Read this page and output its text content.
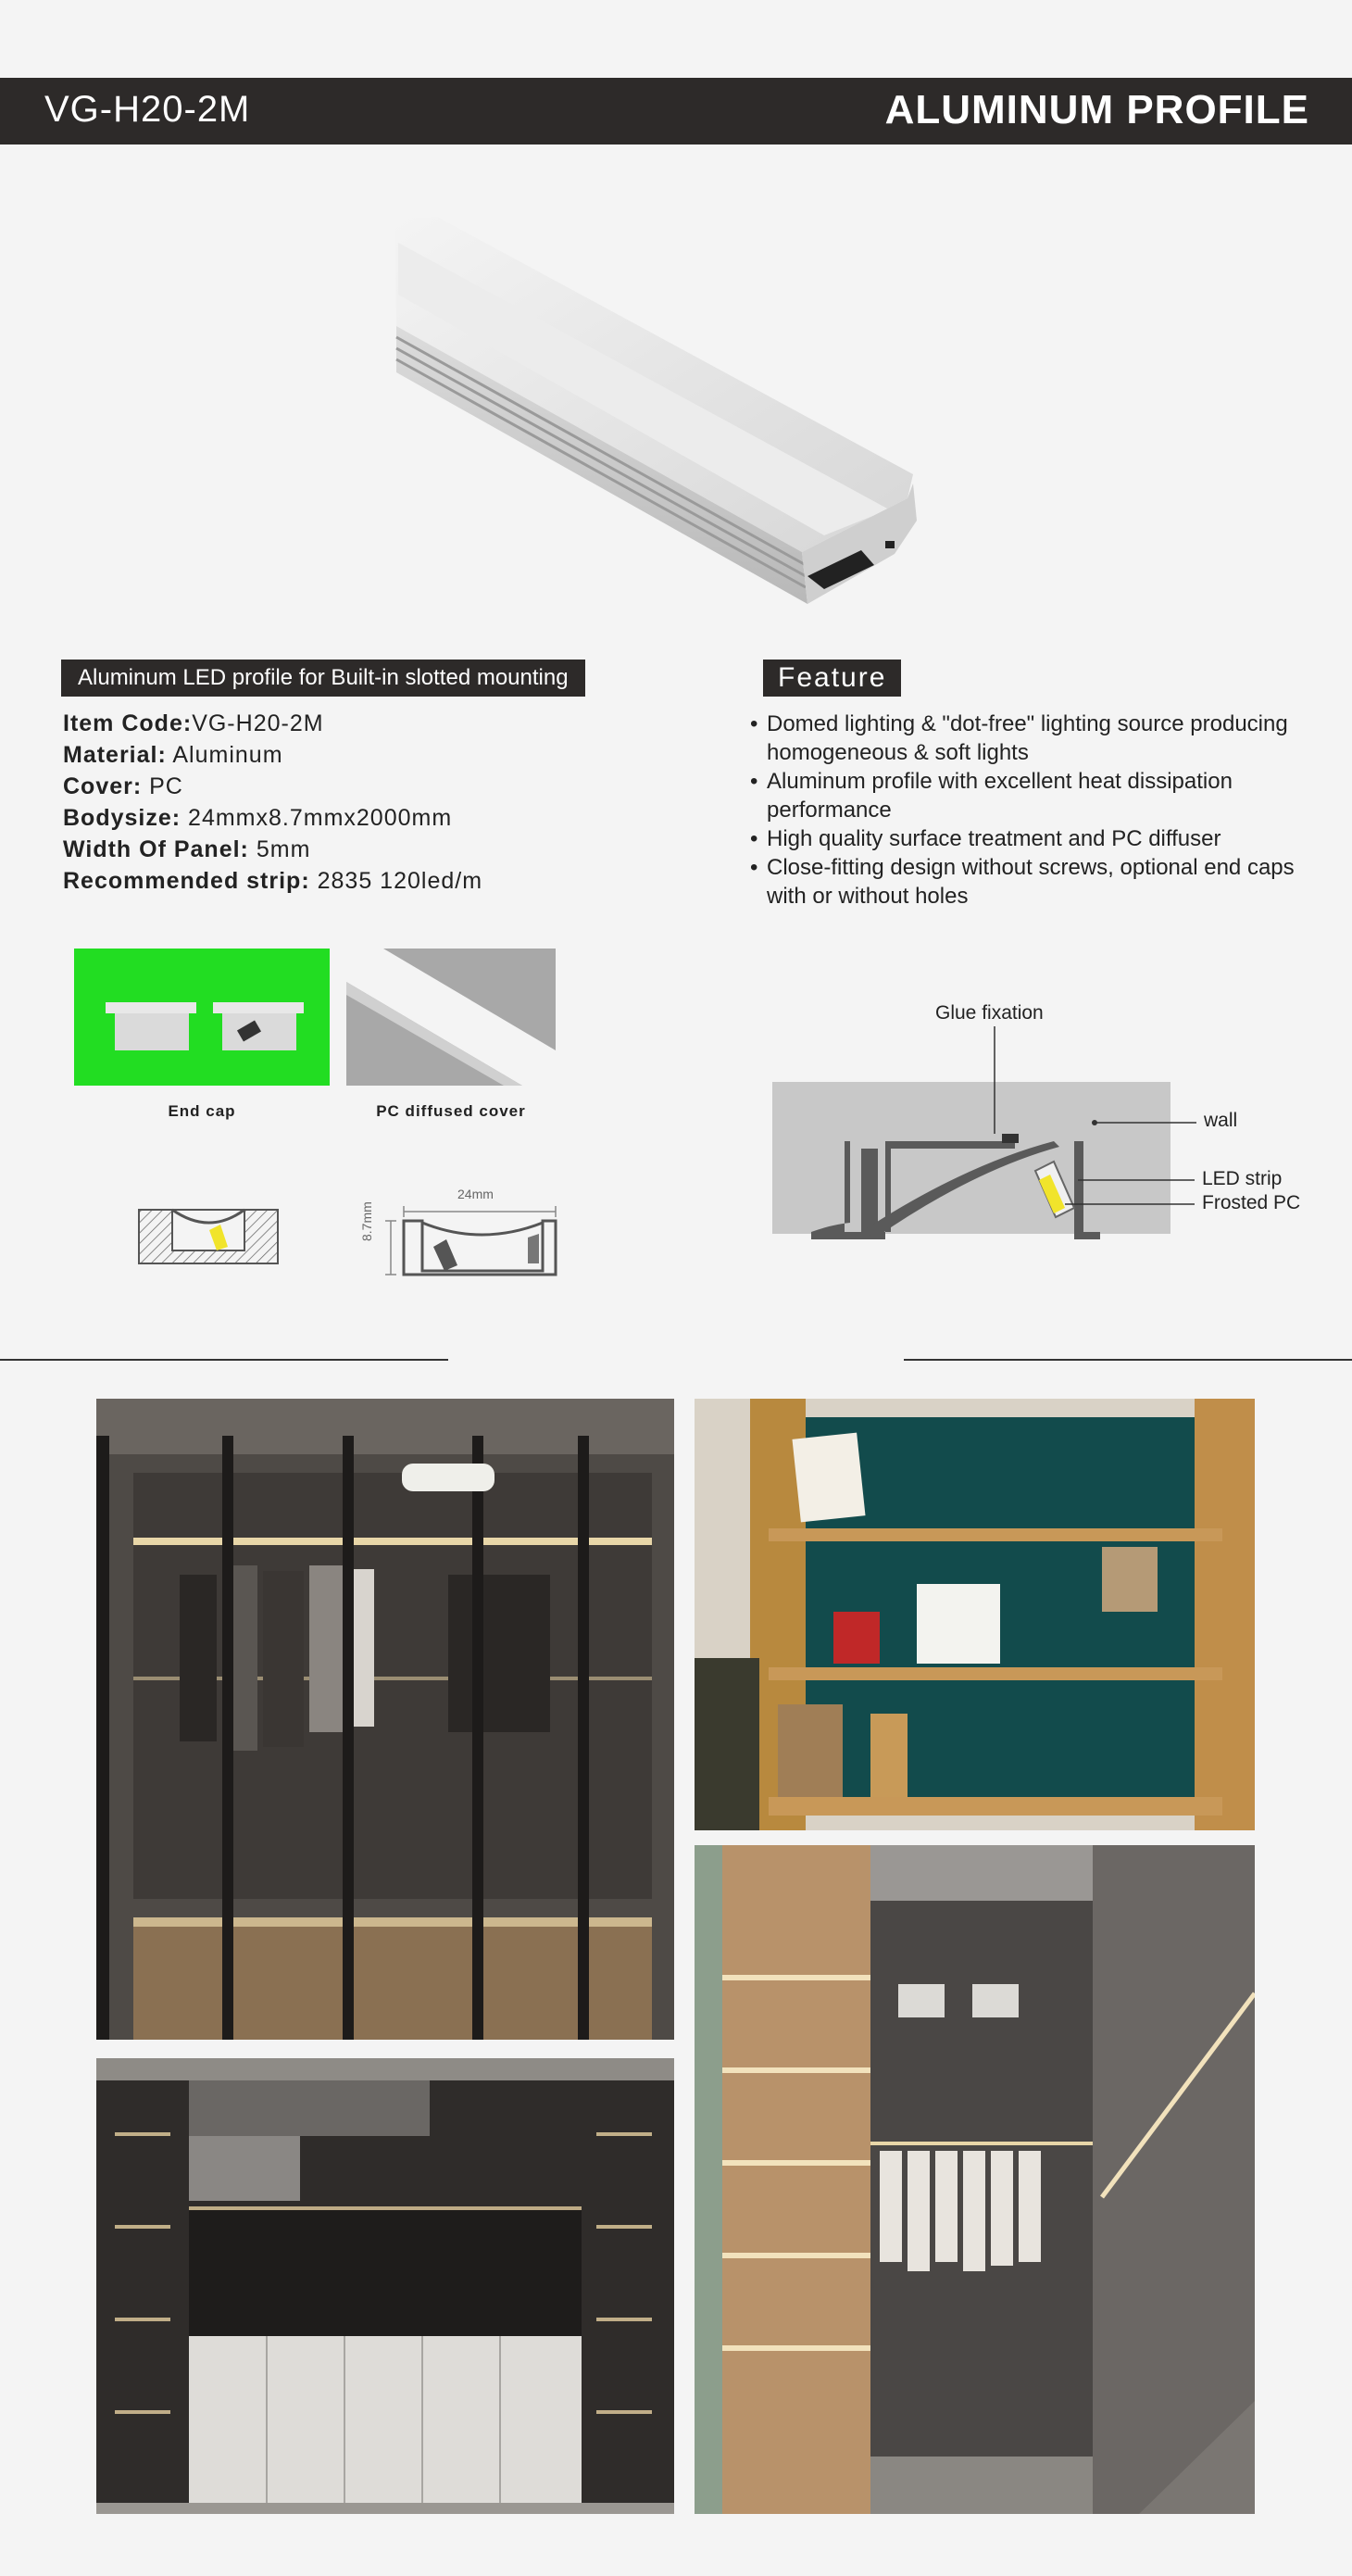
VG-H20-2M	ALUMINUM PROFILE
Aluminum LED profile for Built-in slotted mounting
Item Code:VG-H20-2M
Material: Aluminum
Cover: PC
Bodysize: 24mmx8.7mmx2000mm
Width Of Panel: 5mm
Recommended strip: 2835 120led/m
Feature
• Domed lighting & "dot-free" lighting source producing homogeneous & soft lights
• Aluminum profile with excellent heat dissipation performance
• High quality surface treatment and PC diffuser
• Close-fitting design without screws, optional end caps with or without holes
End cap	PC diffused cover
24mm
8.7mm
Glue fixation
wall
LED strip
Frosted PC
